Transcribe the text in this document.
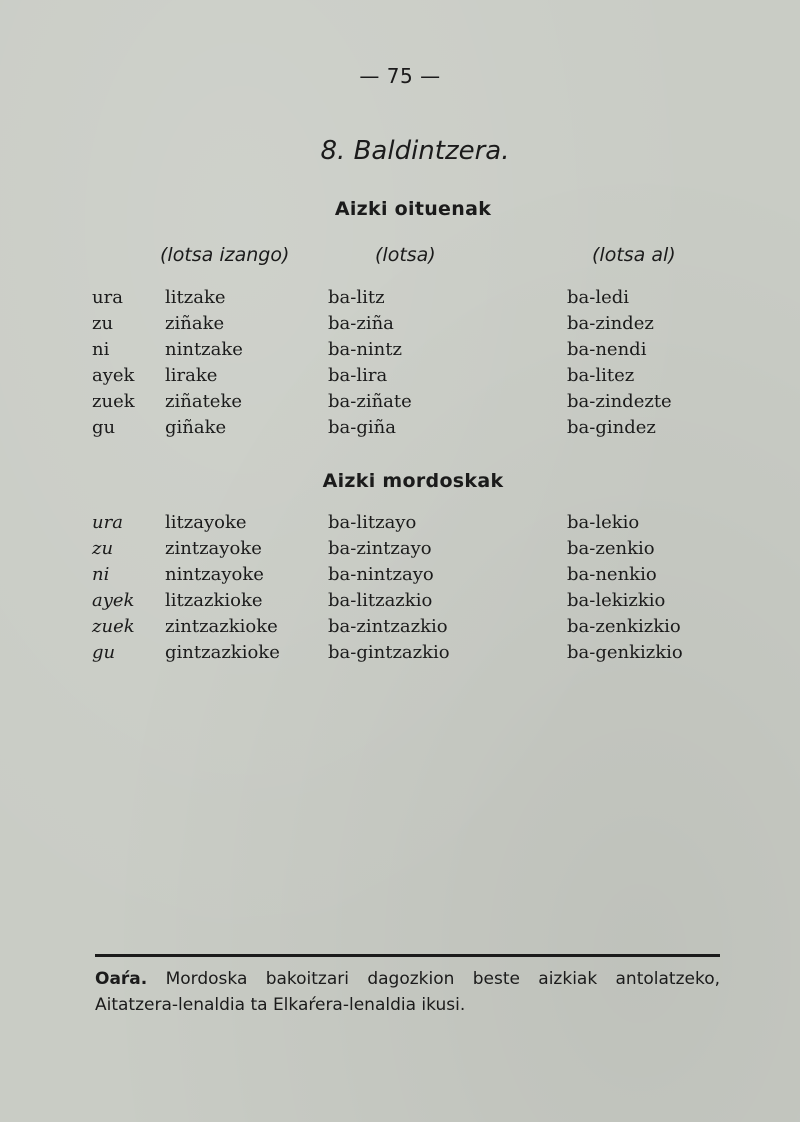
— 75 —
8. Baldintzera.
Aizki oituenak
(lotsa izango)	(lotsa)	(lotsa al)
ura litzake	ba-litz	ba-ledi
zu	ziñake	ba-ziña	ba-zindez
ni	nintzake	ba-nintz	ba-nendi
ayek lirake	ba-lira	ba-litez
zuek ziñateke	ba-ziñate	ba-zindezte
gu	giñake	ba-giña	ba-gindez
Aizki mordoskak
ura litzayoke	ba-litzayo	ba-lekio
zu	zintzayoke	ba-zintzayo	ba-zenkio
ni	nintzayoke	ba-nintzayo	ba-nenkio
ayek litzazkioke	ba-litzazkio	ba-lekizkio
zuek zintzazkioke	ba-zintzazkio	ba-zenkizkio
gu	gintzazkioke	ba-gintzazkio	ba-genkizkio
Oaŕa. Mordoska bakoitzari dagozkion beste aizkiak antolatzeko, Aitatzera-lenaldia ta Elkaŕera-lenaldia ikusi.
